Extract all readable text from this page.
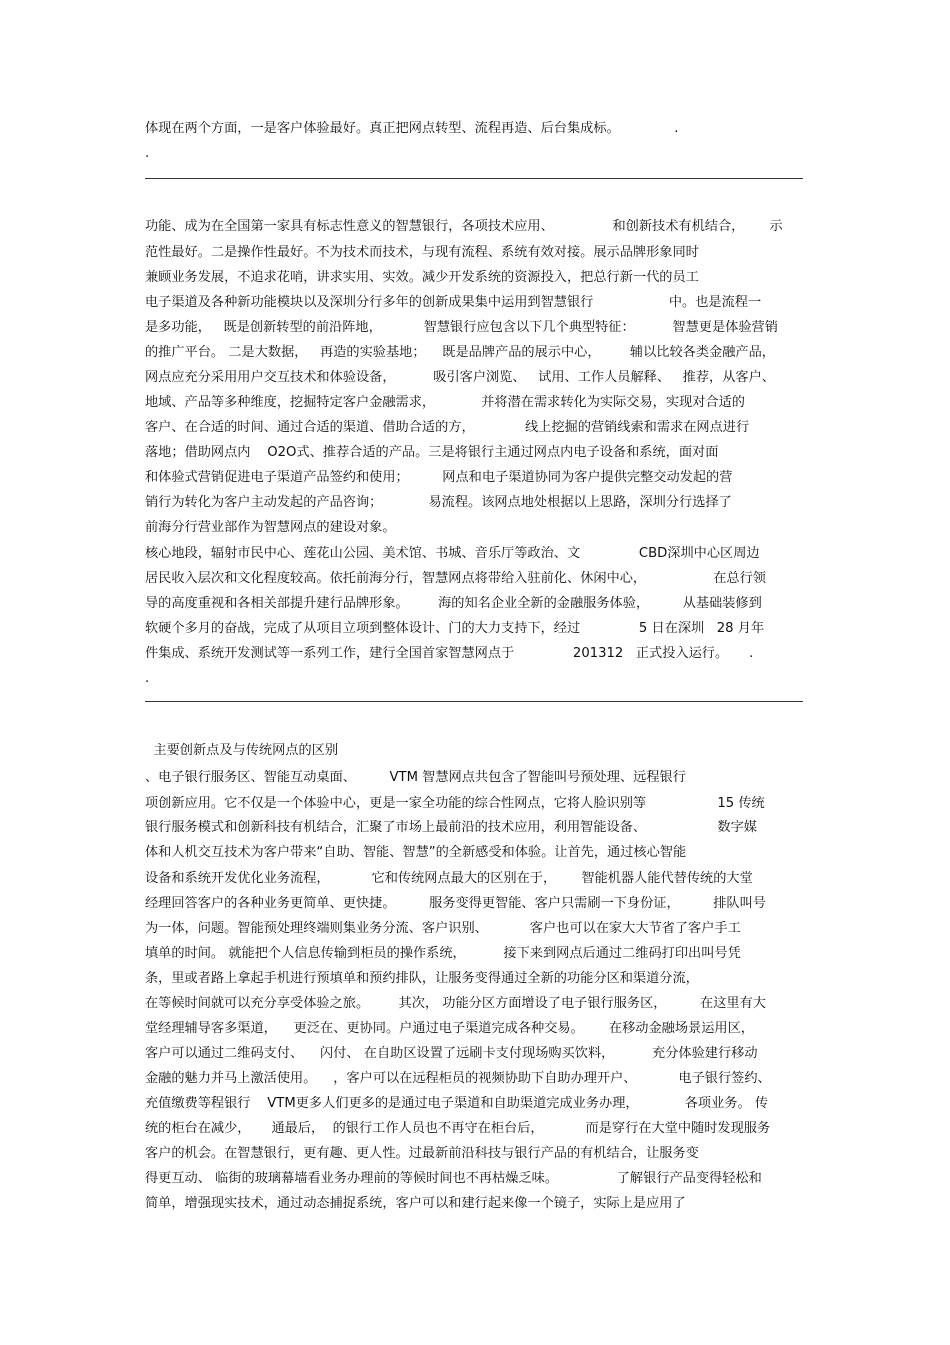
体现在两个方面，一是客户体验最好。真正把网点转型、流程再造、后台集成标。             .
.
功能、成为在全国第一家具有标志性意义的智慧银行，各项技术应用、              和创新技术有机结合，      示
范性最好。二是操作性最好。不为技术而技术，与现有流程、系统有效对接。展示品牌形象同时
兼顾业务发展，不追求花哨，讲求实用、实效。减少开发系统的资源投入，把总行新一代的员工
电子渠道及各种新功能模块以及深圳分行多年的创新成果集中运用到智慧银行                  中。也是流程一
是多功能，   既是创新转型的前沿阵地，          智慧银行应包含以下几个典型特征：         智慧更是体验营销
的推广平台。 二是大数据，   再造的实验基地；    既是品牌产品的展示中心，       辅以比较各类金融产品，
网点应充分采用用户交互技术和体验设备，         吸引客户浏览、   试用、工作人员解释、   推荐，从客户、
地域、产品等多种维度，挖掘特定客户金融需求，           并将潜在需求转化为实际交易，实现对合适的
客户、在合适的时间、通过合适的渠道、借助合适的方，            线上挖掘的营销线索和需求在网点进行
落地；借助网点内    O2O式、推荐合适的产品。三是将银行主通过网点内电子设备和系统，面对面
和体验式营销促进电子渠道产品签约和使用；        网点和电子渠道协同为客户提供完整交动发起的营
销行为转化为客户主动发起的产品咨询；           易流程。该网点地处根据以上思路，深圳分行选择了
前海分行营业部作为智慧网点的建设对象。
核心地段，辐射市民中心、莲花山公园、美术馆、书城、音乐厅等政治、文              CBD深圳中心区周边
居民收入层次和文化程度较高。依托前海分行，智慧网点将带给入驻前化、休闲中心，                在总行领
导的高度重视和各相关部提升建行品牌形象。       海的知名企业全新的金融服务体验，        从基础装修到
软硬个多月的奋战，完成了从项目立项到整体设计、门的大力支持下，经过              5 日在深圳   28 月年
件集成、系统开发测试等一系列工作，建行全国首家智慧网点于              201312   正式投入运行。     .
.
主要创新点及与传统网点的区别
、电子银行服务区、智能互动桌面、        VTM 智慧网点共包含了智能叫号预处理、远程银行
项创新应用。它不仅是一个体验中心，更是一家全功能的综合性网点，它将人脸识别等                 15 传统
银行服务模式和创新科技有机结合，汇聚了市场上最前沿的技术应用，利用智能设备、                 数字媒
体和人机交互技术为客户带来“自助、智能、智慧”的全新感受和体验。让首先，通过核心智能
设备和系统开发优化业务流程，          它和传统网点最大的区别在于，      智能机器人能代替传统的大堂
经理回答客户的各种业务更简单、更快捷。        服务变得更智能、客户只需刷一下身份证，        排队叫号
为一体，问题。智能预处理终端则集业务分流、客户识别、          客户也可以在家大大节省了客户手工
填单的时间。 就能把个人信息传输到柜员的操作系统，         接下来到网点后通过二维码打印出叫号凭
条，里或者路上拿起手机进行预填单和预约排队，让服务变得通过全新的功能分区和渠道分流，
在等候时间就可以充分享受体验之旅。       其次， 功能分区方面增设了电子银行服务区，        在这里有大
堂经理辅导客多渠道，    更泛在、更协同。户通过电子渠道完成各种交易。      在移动金融场景运用区，
客户可以通过二维码支付、    闪付、 在自助区设置了远刷卡支付现场购买饮料，         充分体验建行移动
金融的魅力并马上激活使用。    ，客户可以在远程柜员的视频协助下自助办理开户、          电子银行签约、
充值缴费等程银行    VTM更多人们更多的是通过电子渠道和自助渠道完成业务办理，           各项业务。 传
统的柜台在减少，     通最后，  的银行工作人员也不再守在柜台后，          而是穿行在大堂中随时发现服务
客户的机会。在智慧银行，更有趣、更人性。过最新前沿科技与银行产品的有机结合，让服务变
得更互动、 临街的玻璃幕墙看业务办理前的等候时间也不再枯燥乏味。              了解银行产品变得轻松和
简单，增强现实技术，通过动态捕捉系统，客户可以和建行起来像一个镜子，实际上是应用了
